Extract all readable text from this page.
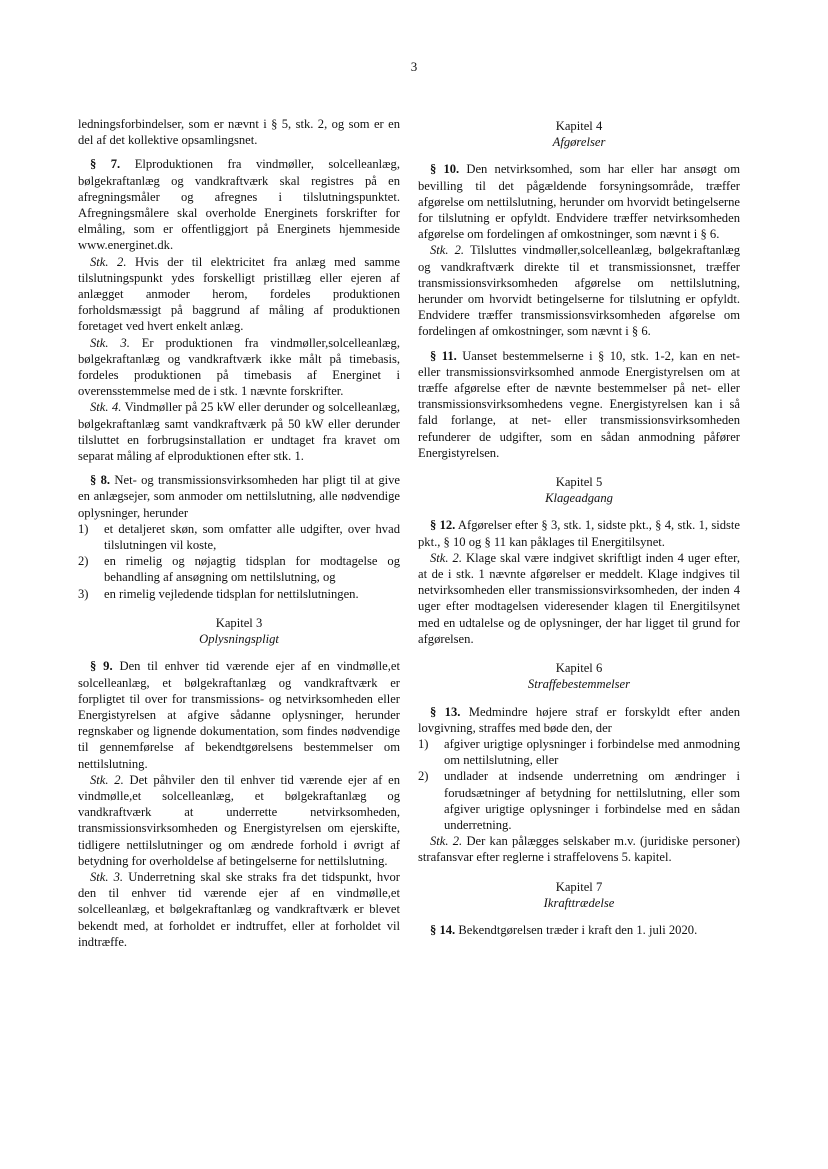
3

ledningsforbindelser, som er nævnt i § 5, stk. 2, og som er en del af det kollektive opsamlingsnet.

§ 7. Elproduktionen fra vindmøller, solcelleanlæg, bølgekraftanlæg og vandkraftværk skal registres på en afregningsmåler og afregnes i tilslutningspunktet. Afregningsmålere skal overholde Energinets forskrifter for elmåling, som er offentliggjort på Energinets hjemmeside www.energinet.dk.

Stk. 2. Hvis der til elektricitet fra anlæg med samme tilslutningspunkt ydes forskelligt pristillæg eller ejeren af anlægget anmoder herom, fordeles produktionen forholdsmæssigt på baggrund af måling af produktionen foretaget ved hvert enkelt anlæg.

Stk. 3. Er produktionen fra vindmøller,solcelleanlæg, bølgekraftanlæg og vandkraftværk ikke målt på timebasis, fordeles produktionen på timebasis af Energinet i overensstemmelse med de i stk. 1 nævnte forskrifter.

Stk. 4. Vindmøller på 25 kW eller derunder og solcelleanlæg, bølgekraftanlæg samt vandkraftværk på 50 kW eller derunder tilsluttet en forbrugsinstallation er undtaget fra kravet om separat måling af elproduktionen efter stk. 1.

§ 8. Net- og transmissionsvirksomheden har pligt til at give en anlægsejer, som anmoder om nettilslutning, alle nødvendige oplysninger, herunder

1) et detaljeret skøn, som omfatter alle udgifter, over hvad tilslutningen vil koste,
2) en rimelig og nøjagtig tidsplan for modtagelse og behandling af ansøgning om nettilslutning, og
3) en rimelig vejledende tidsplan for nettilslutningen.
Kapitel 3
Oplysningspligt

§ 9. Den til enhver tid værende ejer af en vindmølle,et solcelleanlæg, et bølgekraftanlæg og vandkraftværk er forpligtet til over for transmissions- og netvirksomheden eller Energistyrelsen at afgive sådanne oplysninger, herunder regnskaber og lignende dokumentation, som findes nødvendige til gennemførelse af bekendtgørelsens bestemmelser om nettilslutning.

Stk. 2. Det påhviler den til enhver tid værende ejer af en vindmølle,et solcelleanlæg, et bølgekraftanlæg og vandkraftværk at underrette netvirksomheden, transmissionsvirksomheden og Energistyrelsen om ejerskifte, tidligere nettilslutninger og om ændrede forhold i øvrigt af betydning for overholdelse af betingelserne for nettilslutning.

Stk. 3. Underretning skal ske straks fra det tidspunkt, hvor den til enhver tid værende ejer af en vindmølle,et solcelleanlæg, et bølgekraftanlæg og vandkraftværk er blevet bekendt med, at forholdet er indtruffet, eller at forholdet vil indtræffe.

Kapitel 4
Afgørelser

§ 10. Den netvirksomhed, som har eller har ansøgt om bevilling til det pågældende forsyningsområde, træffer afgørelse om nettilslutning, herunder om hvorvidt betingelserne for tilslutning er opfyldt. Endvidere træffer netvirksomheden afgørelse om fordelingen af omkostninger, som nævnt i § 6.

Stk. 2. Tilsluttes vindmøller,solcelleanlæg, bølgekraftanlæg og vandkraftværk direkte til et transmissionsnet, træffer transmissionsvirksomheden afgørelse om nettilslutning, herunder om hvorvidt betingelserne for tilslutning er opfyldt. Endvidere træffer transmissionsvirksomheden afgørelse om fordelingen af omkostninger, som nævnt i § 6.

§ 11. Uanset bestemmelserne i § 10, stk. 1-2, kan en net- eller transmissionsvirksomhed anmode Energistyrelsen om at træffe afgørelse efter de nævnte bestemmelser på net- eller transmissionsvirksomhedens vegne. Energistyrelsen kan i så fald forlange, at net- eller transmissionsvirksomheden refunderer de udgifter, som en sådan anmodning påfører Energistyrelsen.

Kapitel 5
Klageadgang

§ 12. Afgørelser efter § 3, stk. 1, sidste pkt., § 4, stk. 1, sidste pkt., § 10 og § 11 kan påklages til Energitilsynet.

Stk. 2. Klage skal være indgivet skriftligt inden 4 uger efter, at de i stk. 1 nævnte afgørelser er meddelt. Klage indgives til netvirksomheden eller transmissionsvirksomheden, der inden 4 uger efter modtagelsen videresender klagen til Energitilsynet med en udtalelse og de oplysninger, der har ligget til grund for afgørelsen.

Kapitel 6
Straffebestemmelser

§ 13. Medmindre højere straf er forskyldt efter anden lovgivning, straffes med bøde den, der

1) afgiver urigtige oplysninger i forbindelse med anmodning om nettilslutning, eller
2) undlader at indsende underretning om ændringer i forudsætninger af betydning for nettilslutning, eller som afgiver urigtige oplysninger i forbindelse med en sådan underretning.

Stk. 2. Der kan pålægges selskaber m.v. (juridiske personer) strafansvar efter reglerne i straffelovens 5. kapitel.

Kapitel 7
Ikrafttrædelse

§ 14. Bekendtgørelsen træder i kraft den 1. juli 2020.
